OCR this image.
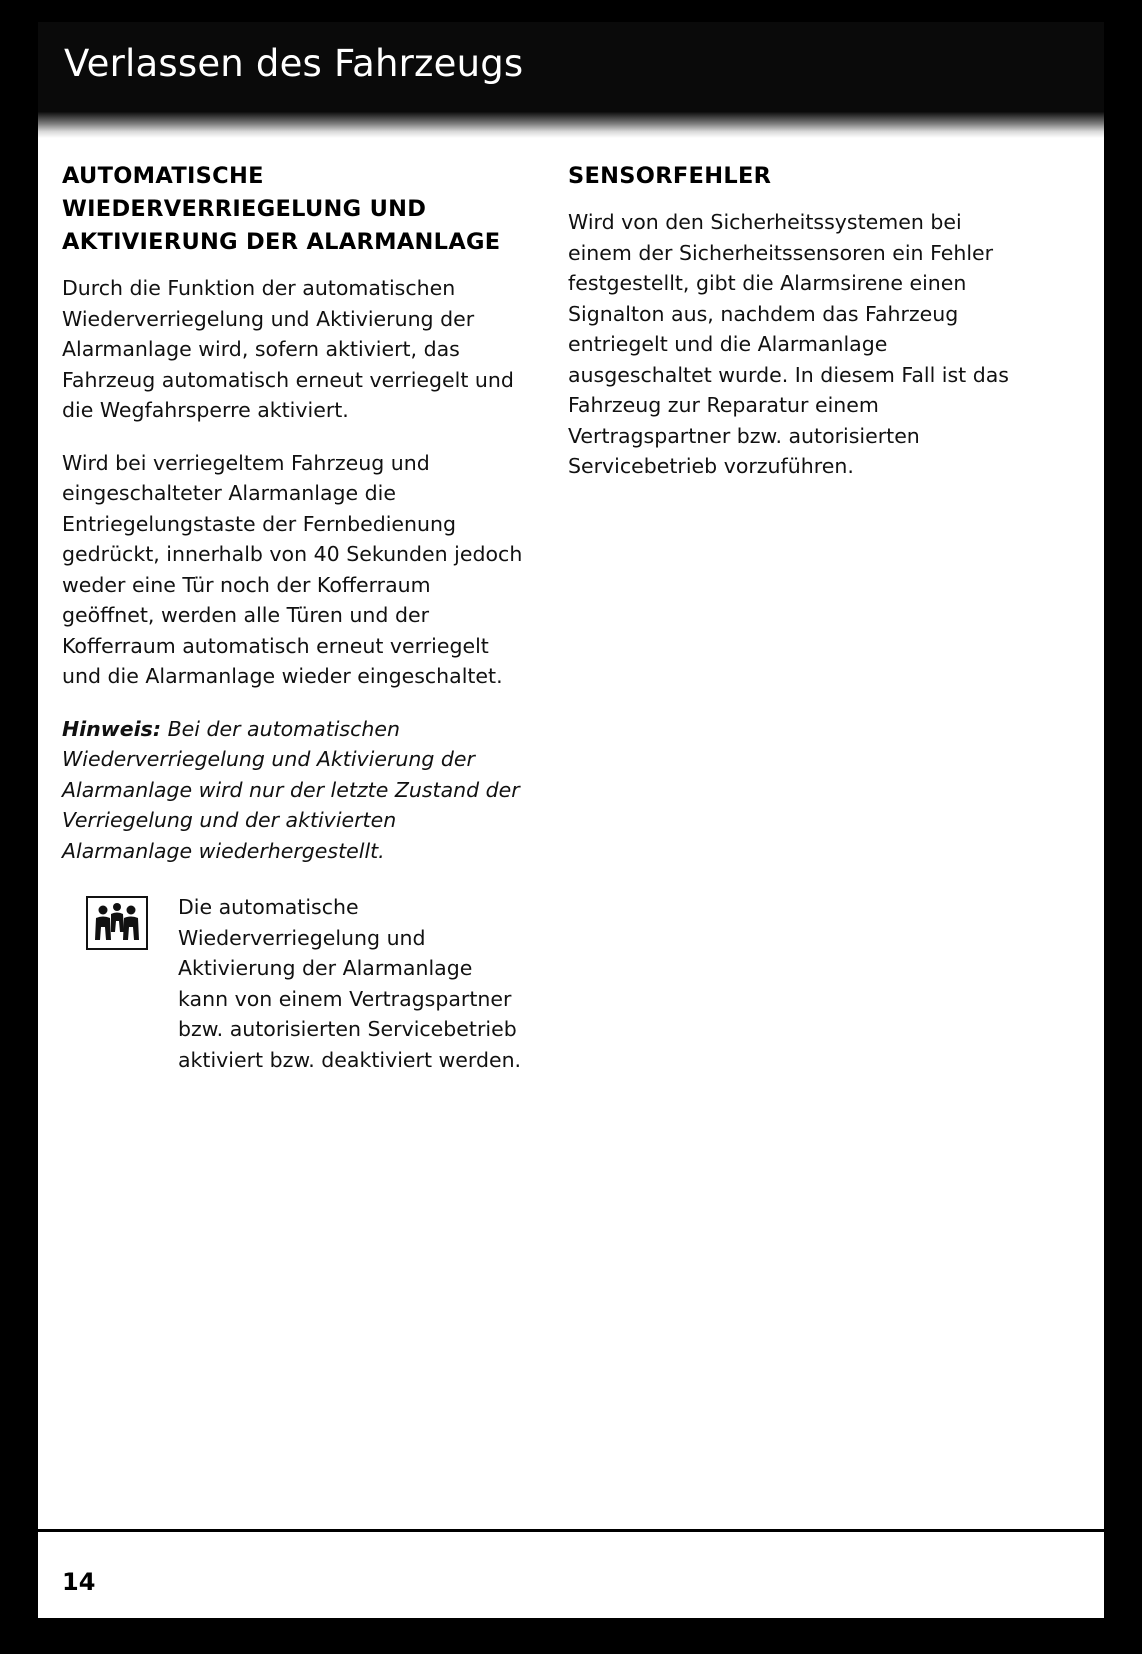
Verlassen des Fahrzeugs
AUTOMATISCHE WIEDERVERRIEGELUNG UND AKTIVIERUNG DER ALARMANLAGE

Durch die Funktion der automatischen Wiederverriegelung und Aktivierung der Alarmanlage wird, sofern aktiviert, das Fahrzeug automatisch erneut verriegelt und die Wegfahrsperre aktiviert.

Wird bei verriegeltem Fahrzeug und eingeschalteter Alarmanlage die Entriegelungstaste der Fernbedienung gedrückt, innerhalb von 40 Sekunden jedoch weder eine Tür noch der Kofferraum geöffnet, werden alle Türen und der Kofferraum automatisch erneut verriegelt und die Alarmanlage wieder eingeschaltet.

Hinweis: Bei der automatischen Wiederverriegelung und Aktivierung der Alarmanlage wird nur der letzte Zustand der Verriegelung und der aktivierten Alarmanlage wiederhergestellt.

Die automatische Wiederverriegelung und Aktivierung der Alarmanlage kann von einem Vertragspartner bzw. autorisierten Servicebetrieb aktiviert bzw. deaktiviert werden.

SENSORFEHLER

Wird von den Sicherheitssystemen bei einem der Sicherheitssensoren ein Fehler festgestellt, gibt die Alarmsirene einen Signalton aus, nachdem das Fahrzeug entriegelt und die Alarmanlage ausgeschaltet wurde. In diesem Fall ist das Fahrzeug zur Reparatur einem Vertragspartner bzw. autorisierten Servicebetrieb vorzuführen.

14
